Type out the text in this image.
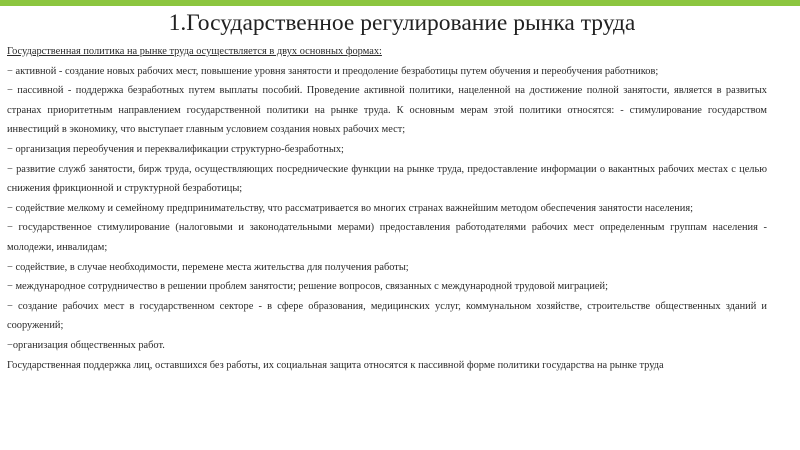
1.Государственное регулирование рынка труда

Государственная политика на рынке труда осуществляется в двух основных формах:

− активной - создание новых рабочих мест, повышение уровня занятости и преодоление безработицы путем обучения и переобучения работников;

− пассивной - поддержка безработных путем выплаты пособий. Проведение активной политики, нацеленной на достижение полной занятости, является в развитых странах приоритетным направлением государственной политики на рынке труда. К основным мерам этой политики относятся: - стимулирование государством инвестиций в экономику, что выступает главным условием создания новых рабочих мест;

− организация переобучения и переквалификации структурно-безработных;

− развитие служб занятости, бирж труда, осуществляющих посреднические функции на рынке труда, предоставление информации о вакантных рабочих местах с целью снижения фрикционной и структурной безработицы;

− содействие мелкому и семейному предпринимательству, что рассматривается во многих странах важнейшим методом обеспечения занятости населения;

− государственное стимулирование (налоговыми и законодательными мерами) предоставления работодателями рабочих мест определенным группам населения - молодежи, инвалидам;

− содействие, в случае необходимости, перемене места жительства для получения работы;

− международное сотрудничество в решении проблем занятости; решение вопросов, связанных с международной трудовой миграцией;

− создание рабочих мест в государственном секторе - в сфере образования, медицинских услуг, коммунальном хозяйстве, строительстве общественных зданий и сооружений;

−организация общественных работ.

Государственная поддержка лиц, оставшихся без работы, их социальная защита относятся к пассивной форме политики государства на рынке труда
